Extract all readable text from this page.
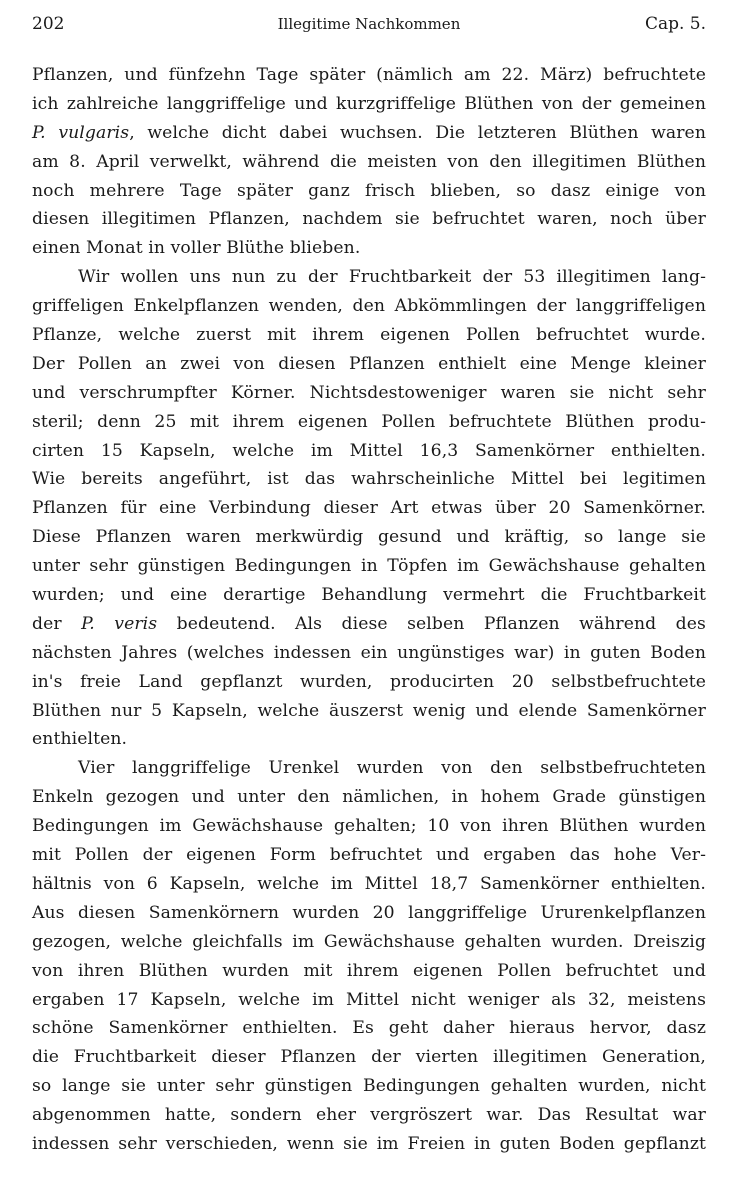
202	Illegitime Nachkommen	Cap. 5.
Pflanzen, und fünfzehn Tage später (nämlich am 22. März) befruchtete
ich zahlreiche langgriffelige und kurzgriffelige Blüthen von der gemeinen
P. vulgaris, welche dicht dabei wuchsen. Die letzteren Blüthen waren
am 8. April verwelkt, während die meisten von den illegitimen Blüthen
noch mehrere Tage später ganz frisch blieben, so dasz einige von
diesen illegitimen Pflanzen, nachdem sie befruchtet waren, noch über
einen Monat in voller Blüthe blieben.
Wir wollen uns nun zu der Fruchtbarkeit der 53 illegitimen lang-
griffeligen Enkelpflanzen wenden, den Abkömmlingen der langgriffeligen
Pflanze, welche zuerst mit ihrem eigenen Pollen befruchtet wurde.
Der Pollen an zwei von diesen Pflanzen enthielt eine Menge kleiner
und verschrumpfter Körner. Nichtsdestoweniger waren sie nicht sehr
steril; denn 25 mit ihrem eigenen Pollen befruchtete Blüthen produ-
cirten 15 Kapseln, welche im Mittel 16,3 Samenkörner enthielten.
Wie bereits angeführt, ist das wahrscheinliche Mittel bei legitimen
Pflanzen für eine Verbindung dieser Art etwas über 20 Samenkörner.
Diese Pflanzen waren merkwürdig gesund und kräftig, so lange sie
unter sehr günstigen Bedingungen in Töpfen im Gewächshause gehalten
wurden; und eine derartige Behandlung vermehrt die Fruchtbarkeit
der P. veris bedeutend. Als diese selben Pflanzen während des
nächsten Jahres (welches indessen ein ungünstiges war) in guten Boden
in's freie Land gepflanzt wurden, producirten 20 selbstbefruchtete
Blüthen nur 5 Kapseln, welche äuszerst wenig und elende Samenkörner
enthielten.
Vier langgriffelige Urenkel wurden von den selbstbefruchteten
Enkeln gezogen und unter den nämlichen, in hohem Grade günstigen
Bedingungen im Gewächshause gehalten; 10 von ihren Blüthen wurden
mit Pollen der eigenen Form befruchtet und ergaben das hohe Ver-
hältnis von 6 Kapseln, welche im Mittel 18,7 Samenkörner enthielten.
Aus diesen Samenkörnern wurden 20 langgriffelige Ururenkelpflanzen
gezogen, welche gleichfalls im Gewächshause gehalten wurden. Dreiszig
von ihren Blüthen wurden mit ihrem eigenen Pollen befruchtet und
ergaben 17 Kapseln, welche im Mittel nicht weniger als 32, meistens
schöne Samenkörner enthielten. Es geht daher hieraus hervor, dasz
die Fruchtbarkeit dieser Pflanzen der vierten illegitimen Generation,
so lange sie unter sehr günstigen Bedingungen gehalten wurden, nicht
abgenommen hatte, sondern eher vergröszert war. Das Resultat war
indessen sehr verschieden, wenn sie im Freien in guten Boden gepflanzt
